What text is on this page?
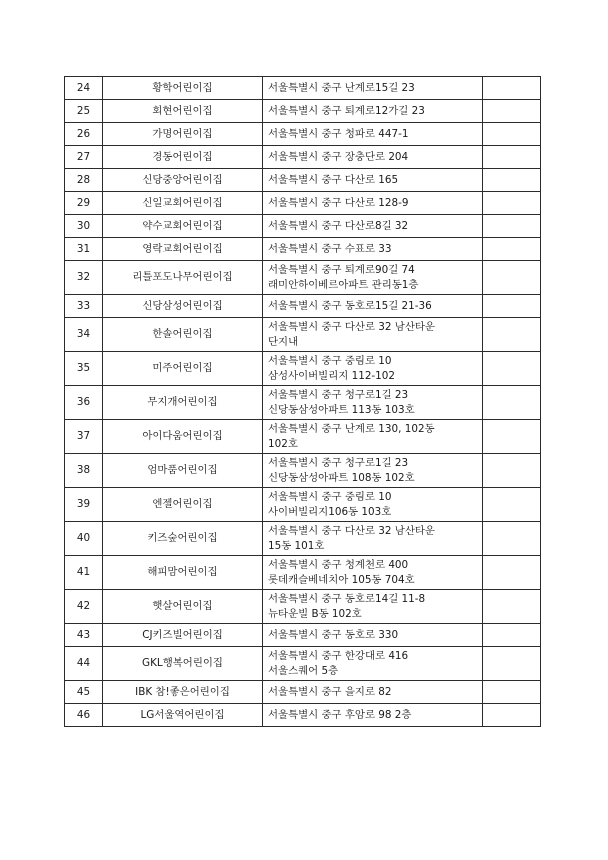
24	황학어린이집	서울특별시 중구 난계로15길 23	

25	회현어린이집	서울특별시 중구 퇴계로12가길 23	

26	가명어린이집	서울특별시 중구 청파로 447-1	

27	경동어린이집	서울특별시 중구 장충단로 204	

28	신당중앙어린이집	서울특별시 중구 다산로 165	

29	신일교회어린이집	서울특별시 중구 다산로 128-9	

30	약수교회어린이집	서울특별시 중구 다산로8길 32	

31	영락교회어린이집	서울특별시 중구 수표로 33	

32	리틀포도나무어린이집	서울특별시 중구 퇴계로90길 74
래미안하이베르아파트 관리동1층	

33	신당삼성어린이집	서울특별시 중구 동호로15길 21-36	

34	한솔어린이집	서울특별시 중구 다산로 32 남산타운
단지내	

35	미주어린이집	서울특별시 중구 중림로 10
삼성사이버빌리지 112-102	

36	무지개어린이집	서울특별시 중구 청구로1길 23
신당동삼성아파트 113동 103호	

37	아이다움어린이집	서울특별시 중구 난계로 130, 102동
102호	

38	엄마품어린이집	서울특별시 중구 청구로1길 23
신당동삼성아파트 108동 102호	

39	엔젤어린이집	서울특별시 중구 중림로 10
사이버빌리지106동 103호	

40	키즈숲어린이집	서울특별시 중구 다산로 32 남산타운
15동 101호	

41	해피맘어린이집	서울특별시 중구 청계천로 400
롯데캐슬베네치아 105동 704호	

42	햇살어린이집	서울특별시 중구 동호로14길 11-8
뉴타운빌 B동 102호	

43	CJ키즈빌어린이집	서울특별시 중구 동호로 330	

44	GKL행복어린이집	서울특별시 중구 한강대로 416
서울스퀘어 5층	

45	IBK 참!좋은어린이집	서울특별시 중구 을지로 82	

46	LG서울역어린이집	서울특별시 중구 후암로 98 2층	
